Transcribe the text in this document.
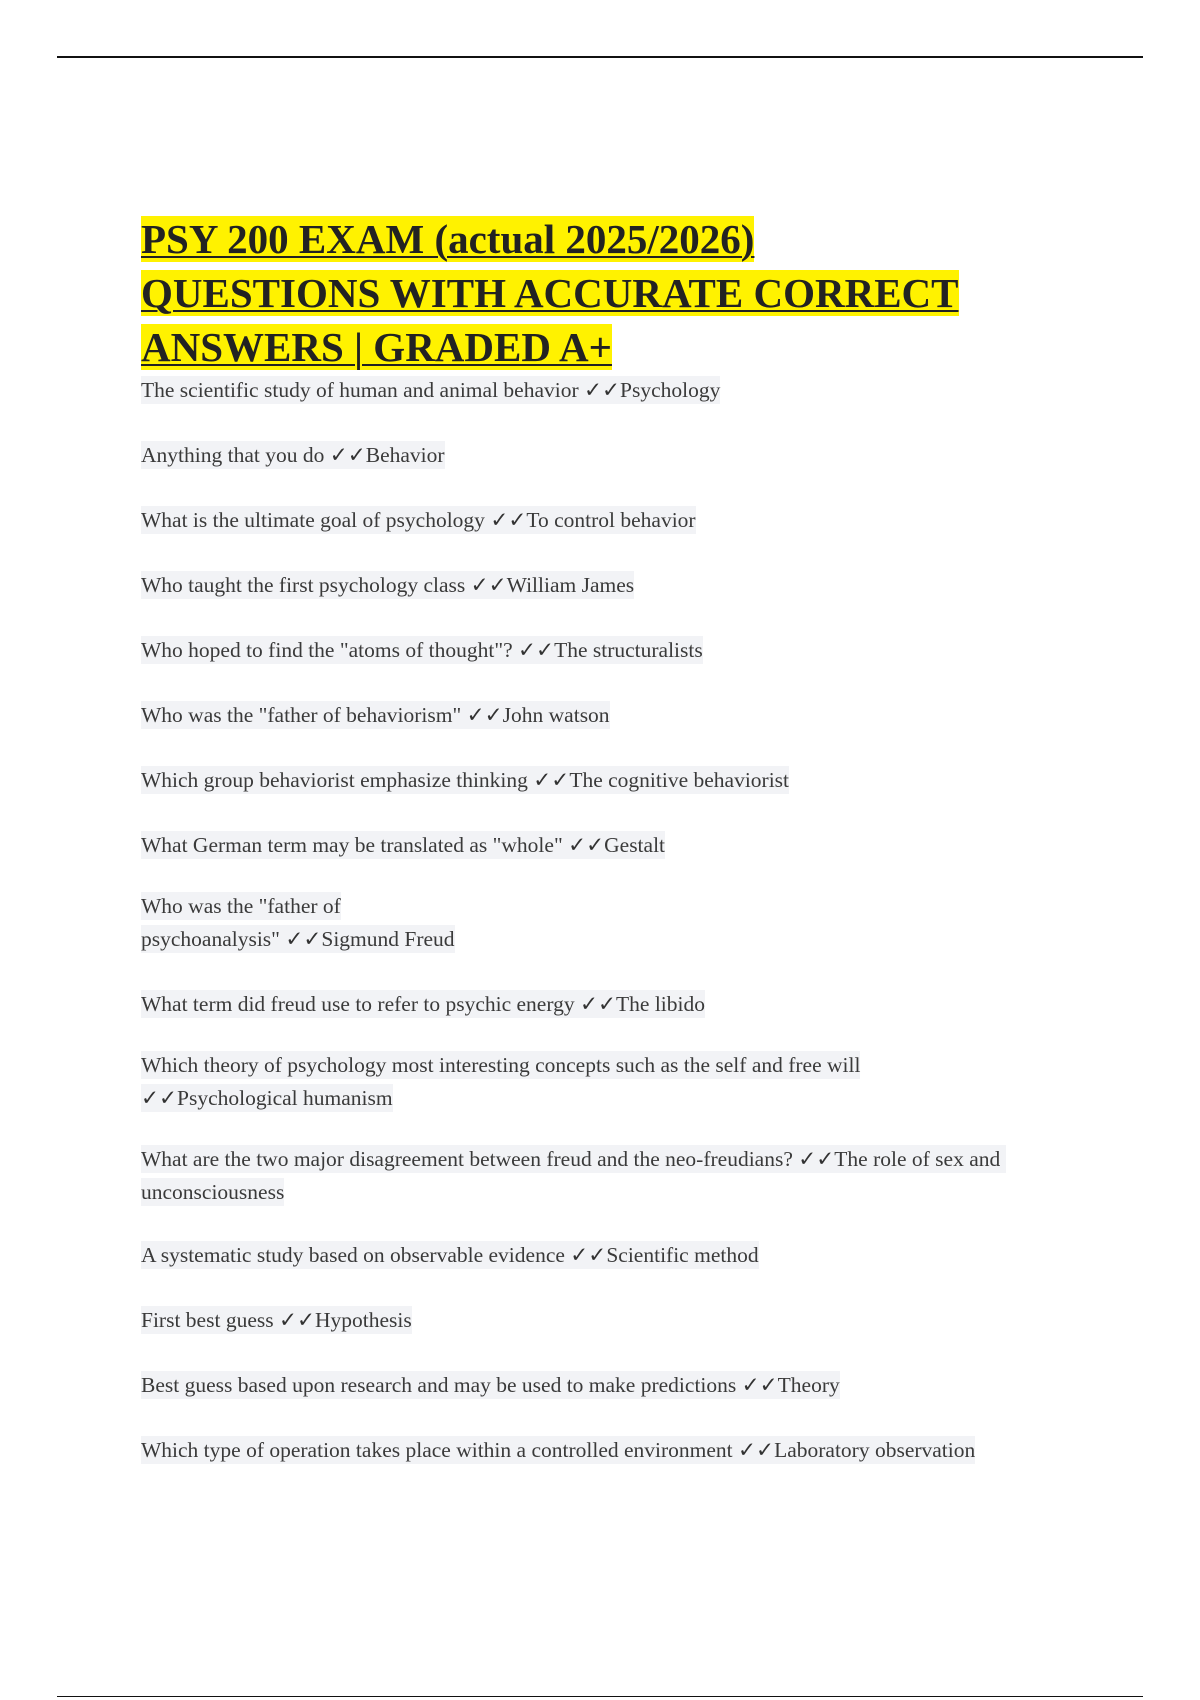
PSY 200 EXAM (actual 2025/2026)
QUESTIONS WITH ACCURATE CORRECT
ANSWERS | GRADED A+
The scientific study of human and animal behavior ✓✓Psychology
Anything that you do ✓✓Behavior
What is the ultimate goal of psychology ✓✓To control behavior
Who taught the first psychology class ✓✓William James
Who hoped to find the "atoms of thought"? ✓✓The structuralists
Who was the "father of behaviorism" ✓✓John watson
Which group behaviorist emphasize thinking ✓✓The cognitive behaviorist
What German term may be translated as "whole" ✓✓Gestalt
Who was the "father of
psychoanalysis" ✓✓Sigmund Freud
What term did freud use to refer to psychic energy ✓✓The libido
Which theory of psychology most interesting concepts such as the self and free will
✓✓Psychological humanism
What are the two major disagreement between freud and the neo-freudians? ✓✓The role of sex and unconsciousness
A systematic study based on observable evidence ✓✓Scientific method
First best guess ✓✓Hypothesis
Best guess based upon research and may be used to make predictions ✓✓Theory
Which type of operation takes place within a controlled environment ✓✓Laboratory observation
